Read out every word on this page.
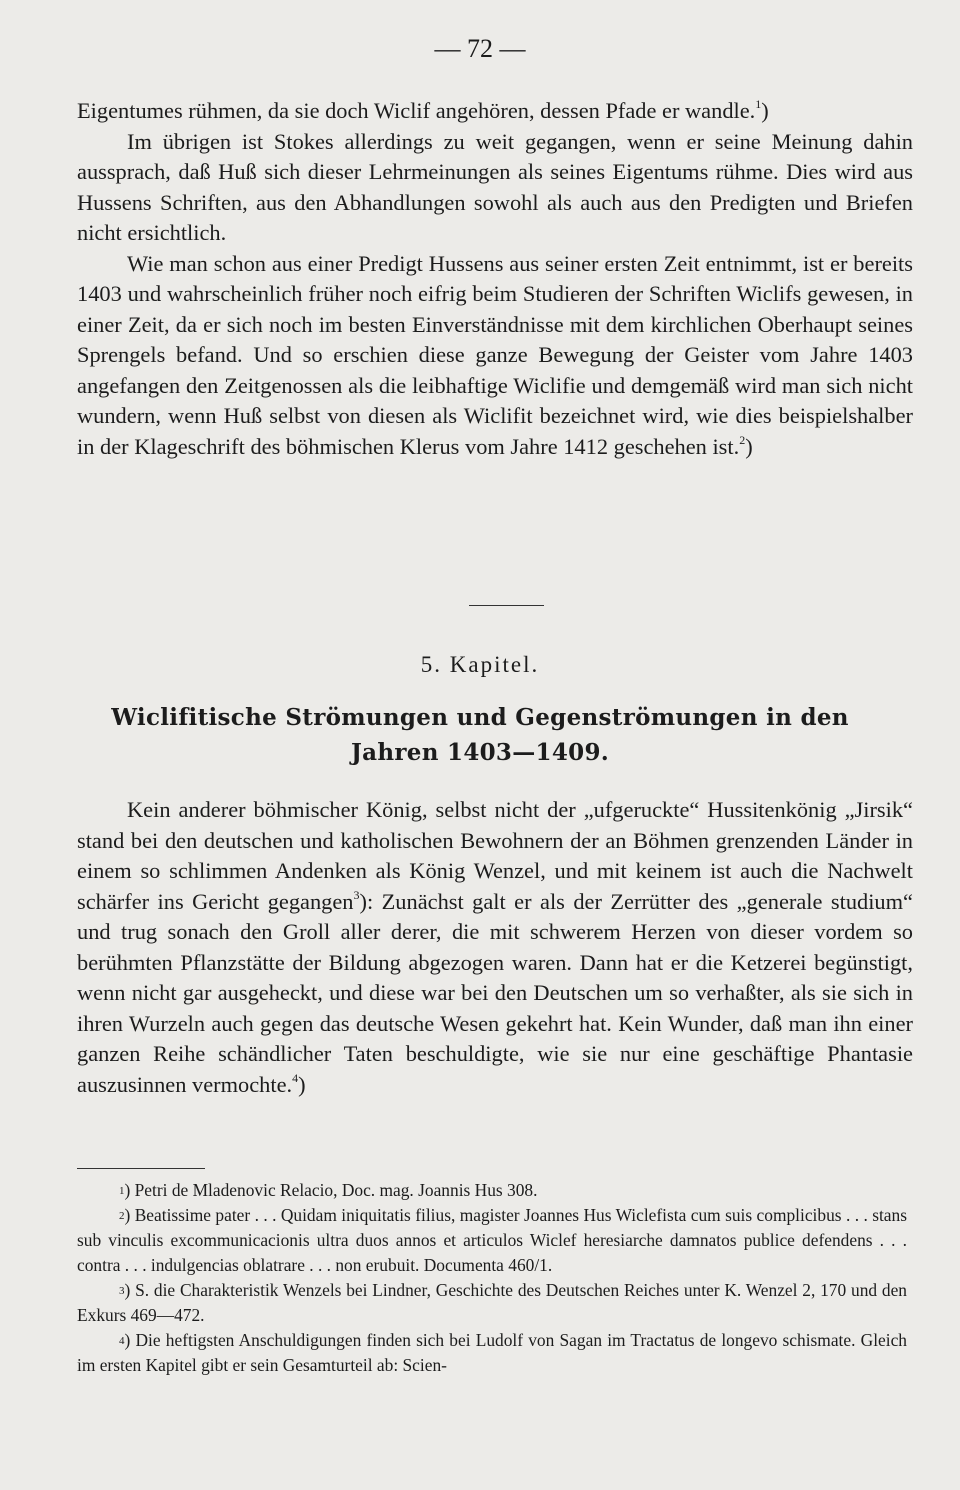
— 72 —

Eigentumes rühmen, da sie doch Wiclif angehören, dessen Pfade er wandle.$^1$)

Im übrigen ist Stokes allerdings zu weit gegangen, wenn er seine Meinung dahin aussprach, daß Huß sich dieser Lehrmeinungen als seines Eigentums rühme. Dies wird aus Hussens Schriften, aus den Abhandlungen sowohl als auch aus den Predigten und Briefen nicht ersichtlich.

Wie man schon aus einer Predigt Hussens aus seiner ersten Zeit entnimmt, ist er bereits 1403 und wahrscheinlich früher noch eifrig beim Studieren der Schriften Wiclifs gewesen, in einer Zeit, da er sich noch im besten Einverständnisse mit dem kirchlichen Oberhaupt seines Sprengels befand. Und so erschien diese ganze Bewegung der Geister vom Jahre 1403 angefangen den Zeitgenossen als die leibhaftige Wiclifie und demgemäß wird man sich nicht wundern, wenn Huß selbst von diesen als Wiclifit bezeichnet wird, wie dies beispielshalber in der Klageschrift des böhmischen Klerus vom Jahre 1412 geschehen ist.$^2$)

5. Kapitel.
Wiclifitische Strömungen und Gegenströmungen in den
Jahren 1403—1409.

Kein anderer böhmischer König, selbst nicht der „ufgeruckte“ Hussitenkönig „Jirsik“ stand bei den deutschen und katholischen Bewohnern der an Böhmen grenzenden Länder in einem so schlimmen Andenken als König Wenzel, und mit keinem ist auch die Nachwelt schärfer ins Gericht gegangen$^3$): Zunächst galt er als der Zerrütter des „generale studium“ und trug sonach den Groll aller derer, die mit schwerem Herzen von dieser vordem so berühmten Pflanzstätte der Bildung abgezogen waren. Dann hat er die Ketzerei begünstigt, wenn nicht gar ausgeheckt, und diese war bei den Deutschen um so verhaßter, als sie sich in ihren Wurzeln auch gegen das deutsche Wesen gekehrt hat. Kein Wunder, daß man ihn einer ganzen Reihe schändlicher Taten beschuldigte, wie sie nur eine geschäftige Phantasie auszusinnen vermochte.$^4$)

$^1$) Petri de Mladenovic Relacio, Doc. mag. Joannis Hus 308.

$^2$) Beatissime pater . . . Quidam iniquitatis filius, magister Joannes Hus Wiclefista cum suis complicibus . . . stans sub vinculis excommunicacionis ultra duos annos et articulos Wiclef heresiarche damnatos publice defendens . . . contra . . . indulgencias oblatrare . . . non erubuit. Documenta 460/1.

$^3$) S. die Charakteristik Wenzels bei Lindner, Geschichte des Deutschen Reiches unter K. Wenzel 2, 170 und den Exkurs 469—472.

$^4$) Die heftigsten Anschuldigungen finden sich bei Ludolf von Sagan im Tractatus de longevo schismate. Gleich im ersten Kapitel gibt er sein Gesamturteil ab: Scien-
